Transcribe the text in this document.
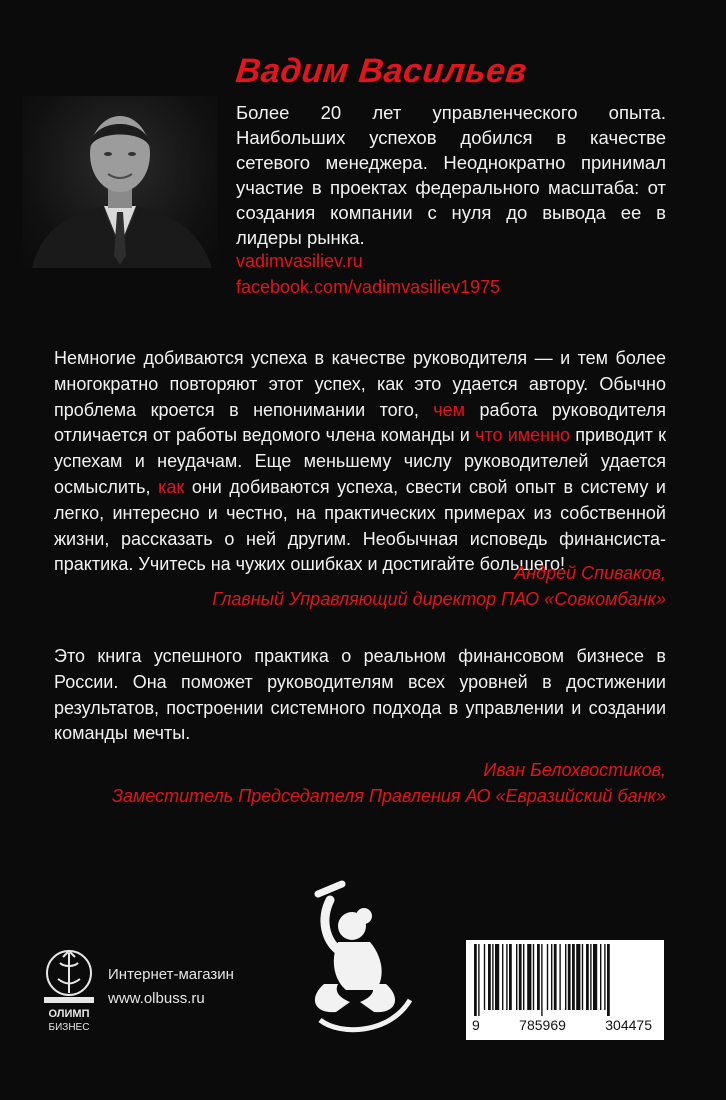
Вадим Васильев
Более 20 лет управленческого опыта. Наибольших успехов добился в качестве сетевого менеджера. Неоднократно принимал участие в проектах федерального масштаба: от создания компании с нуля до вывода ее в лидеры рынка.
vadimvasiliev.ru
facebook.com/vadimvasiliev1975
Немногие добиваются успеха в качестве руководителя — и тем более многократно повторяют этот успех, как это удается автору. Обычно проблема кроется в непонимании того, чем работа руководителя отличается от работы ведомого члена команды и что именно приводит к успехам и неудачам. Еще меньшему числу руководителей удается осмыслить, как они добиваются успеха, свести свой опыт в систему и легко, интересно и честно, на практических примерах из собственной жизни, рассказать о ней другим. Необычная исповедь финансиста-практика. Учитесь на чужих ошибках и достигайте большего!
Андрей Спиваков,
Главный Управляющий директор ПАО «Совкомбанк»
Это книга успешного практика о реальном финансовом бизнесе в России. Она поможет руководителям всех уровней в достижении результатов, построении системного подхода в управлении и создании команды мечты.
Иван Белохвостиков,
Заместитель Председателя Правления АО «Евразийский банк»
ОЛИМП
БИЗНЕС
Интернет-магазин
www.olbuss.ru
9	785969	304475
